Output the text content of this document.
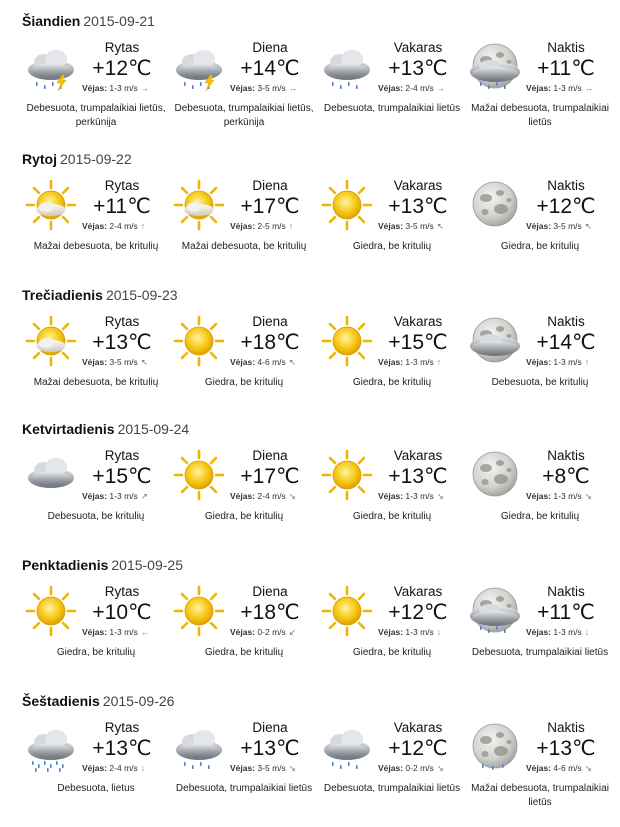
Šiandien 2015-09-21
Rytas
+12℃
Vėjas: 1-3 m/s →
Debesuota, trumpalaikiai lietūs, perkūnija
Diena
+14℃
Vėjas: 3-5 m/s →
Debesuota, trumpalaikiai lietūs, perkūnija
Vakaras
+13℃
Vėjas: 2-4 m/s →
Debesuota, trumpalaikiai lietūs
Naktis
+11℃
Vėjas: 1-3 m/s →
Mažai debesuota, trumpalaikiai lietūs
Rytoj 2015-09-22
Rytas
+11℃
Vėjas: 2-4 m/s ↑
Mažai debesuota, be kritulių
Diena
+17℃
Vėjas: 2-5 m/s ↑
Mažai debesuota, be kritulių
Vakaras
+13℃
Vėjas: 3-5 m/s ↖
Giedra, be kritulių
Naktis
+12℃
Vėjas: 3-5 m/s ↖
Giedra, be kritulių
Trečiadienis 2015-09-23
Rytas
+13℃
Vėjas: 3-5 m/s ↖
Mažai debesuota, be kritulių
Diena
+18℃
Vėjas: 4-6 m/s ↖
Giedra, be kritulių
Vakaras
+15℃
Vėjas: 1-3 m/s ↑
Giedra, be kritulių
Naktis
+14℃
Vėjas: 1-3 m/s ↑
Debesuota, be kritulių
Ketvirtadienis 2015-09-24
Rytas
+15℃
Vėjas: 1-3 m/s ↗
Debesuota, be kritulių
Diena
+17℃
Vėjas: 2-4 m/s ↘
Giedra, be kritulių
Vakaras
+13℃
Vėjas: 1-3 m/s ↘
Giedra, be kritulių
Naktis
+8℃
Vėjas: 1-3 m/s ↘
Giedra, be kritulių
Penktadienis 2015-09-25
Rytas
+10℃
Vėjas: 1-3 m/s ←
Giedra, be kritulių
Diena
+18℃
Vėjas: 0-2 m/s ↙
Giedra, be kritulių
Vakaras
+12℃
Vėjas: 1-3 m/s ↓
Giedra, be kritulių
Naktis
+11℃
Vėjas: 1-3 m/s ↓
Debesuota, trumpalaikiai lietūs
Šeštadienis 2015-09-26
Rytas
+13℃
Vėjas: 2-4 m/s ↓
Debesuota, lietus
Diena
+13℃
Vėjas: 3-5 m/s ↘
Debesuota, trumpalaikiai lietūs
Vakaras
+12℃
Vėjas: 0-2 m/s ↘
Debesuota, trumpalaikiai lietūs
Naktis
+13℃
Vėjas: 4-6 m/s ↘
Mažai debesuota, trumpalaikiai lietūs
